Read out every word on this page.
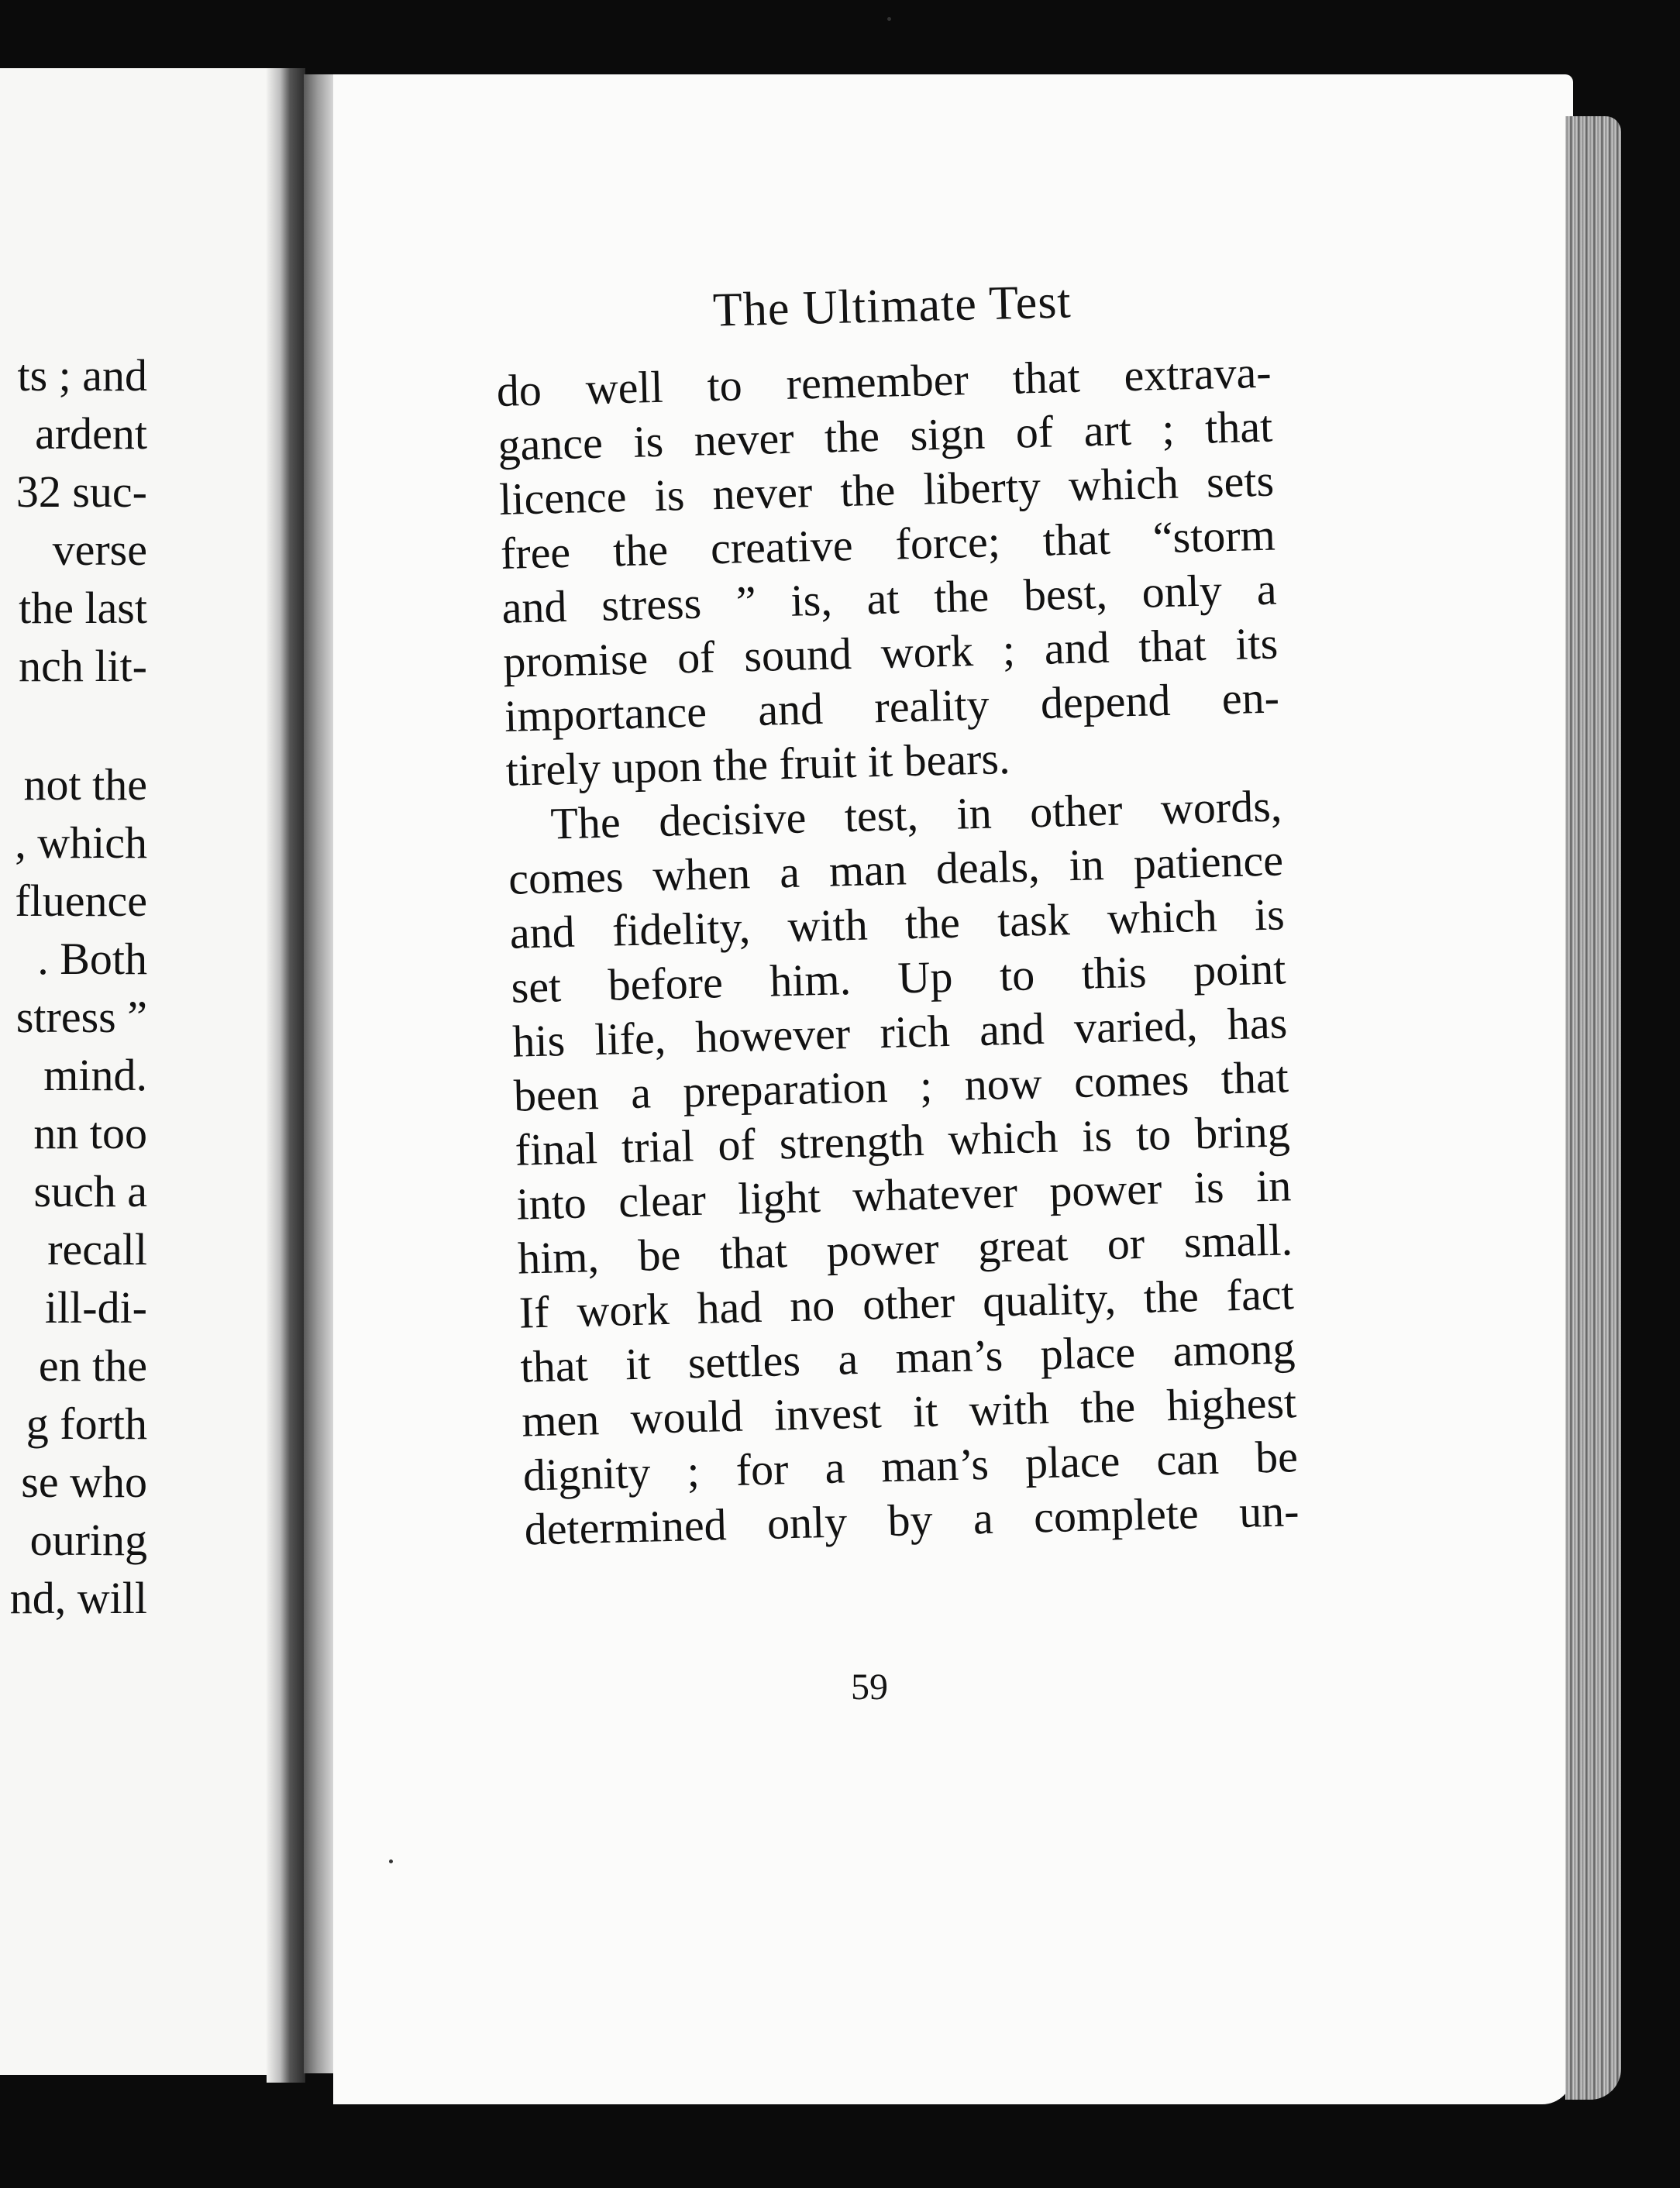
ts ; and
ardent
32 suc-
verse
the last
nch lit-
not the
, which
fluence
. Both
stress ”
mind.
nn too
such a
recall
ill-di-
en the
g forth
se who
ouring
nd, will
The Ultimate Test
do well to remember that extrava-
gance is never the sign of art ; that
licence is never the liberty which sets
free the creative force; that “storm
and stress ” is, at the best, only a
promise of sound work ; and that its
importance and reality depend en-
tirely upon the fruit it bears.
The decisive test, in other words,
comes when a man deals, in patience
and fidelity, with the task which is
set before him. Up to this point
his life, however rich and varied, has
been a preparation ; now comes that
final trial of strength which is to bring
into clear light whatever power is in
him, be that power great or small.
If work had no other quality, the fact
that it settles a man’s place among
men would invest it with the highest
dignity ; for a man’s place can be
determined only by a complete un-
59
